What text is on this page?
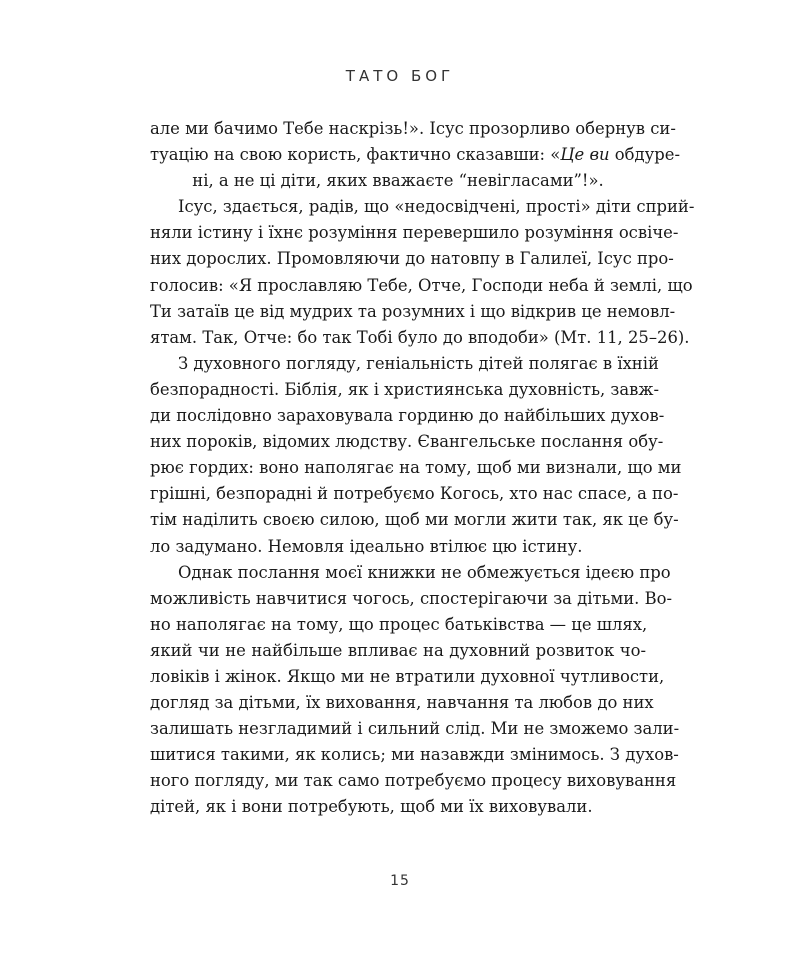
ТАТО БОГ
але ми бачимо Тебе наскрізь!». Ісус прозорливо обернув си-
туацію на свою користь, фактично сказавши: «Це ви обдуре-
ні, а не ці діти, яких вважаєте “невігласами”!».
Ісус, здається, радів, що «недосвідчені, прості» діти сприй-
няли істину і їхнє розуміння перевершило розуміння освіче-
них дорослих. Промовляючи до натовпу в Галилеї, Ісус про-
голосив: «Я прославляю Тебе, Отче, Господи неба й землі, що
Ти затаїв це від мудрих та розумних і що відкрив це немовл-
ятам. Так, Отче: бо так Тобі було до вподоби» (Мт. 11, 25–26).
З духовного погляду, геніальність дітей полягає в їхній
безпорадності. Біблія, як і християнська духовність, завж-
ди послідовно зараховувала гординю до найбільших духов-
них пороків, відомих людству. Євангельське послання обу-
рює гордих: воно наполягає на тому, щоб ми визнали, що ми
грішні, безпорадні й потребуємо Когось, хто нас спасе, а по-
тім наділить своєю силою, щоб ми могли жити так, як це бу-
ло задумано. Немовля ідеально втілює цю істину.
Однак послання моєї книжки не обмежується ідеєю про
можливість навчитися чогось, спостерігаючи за дітьми. Во-
но наполягає на тому, що процес батьківства — це шлях,
який чи не найбільше впливає на духовний розвиток чо-
ловіків і жінок. Якщо ми не втратили духовної чутливости,
догляд за дітьми, їх виховання, навчання та любов до них
залишать незгладимий і сильний слід. Ми не зможемо зали-
шитися такими, як колись; ми назавжди змінимось. З духов-
ного погляду, ми так само потребуємо процесу виховування
дітей, як і вони потребують, щоб ми їх виховували.
15
